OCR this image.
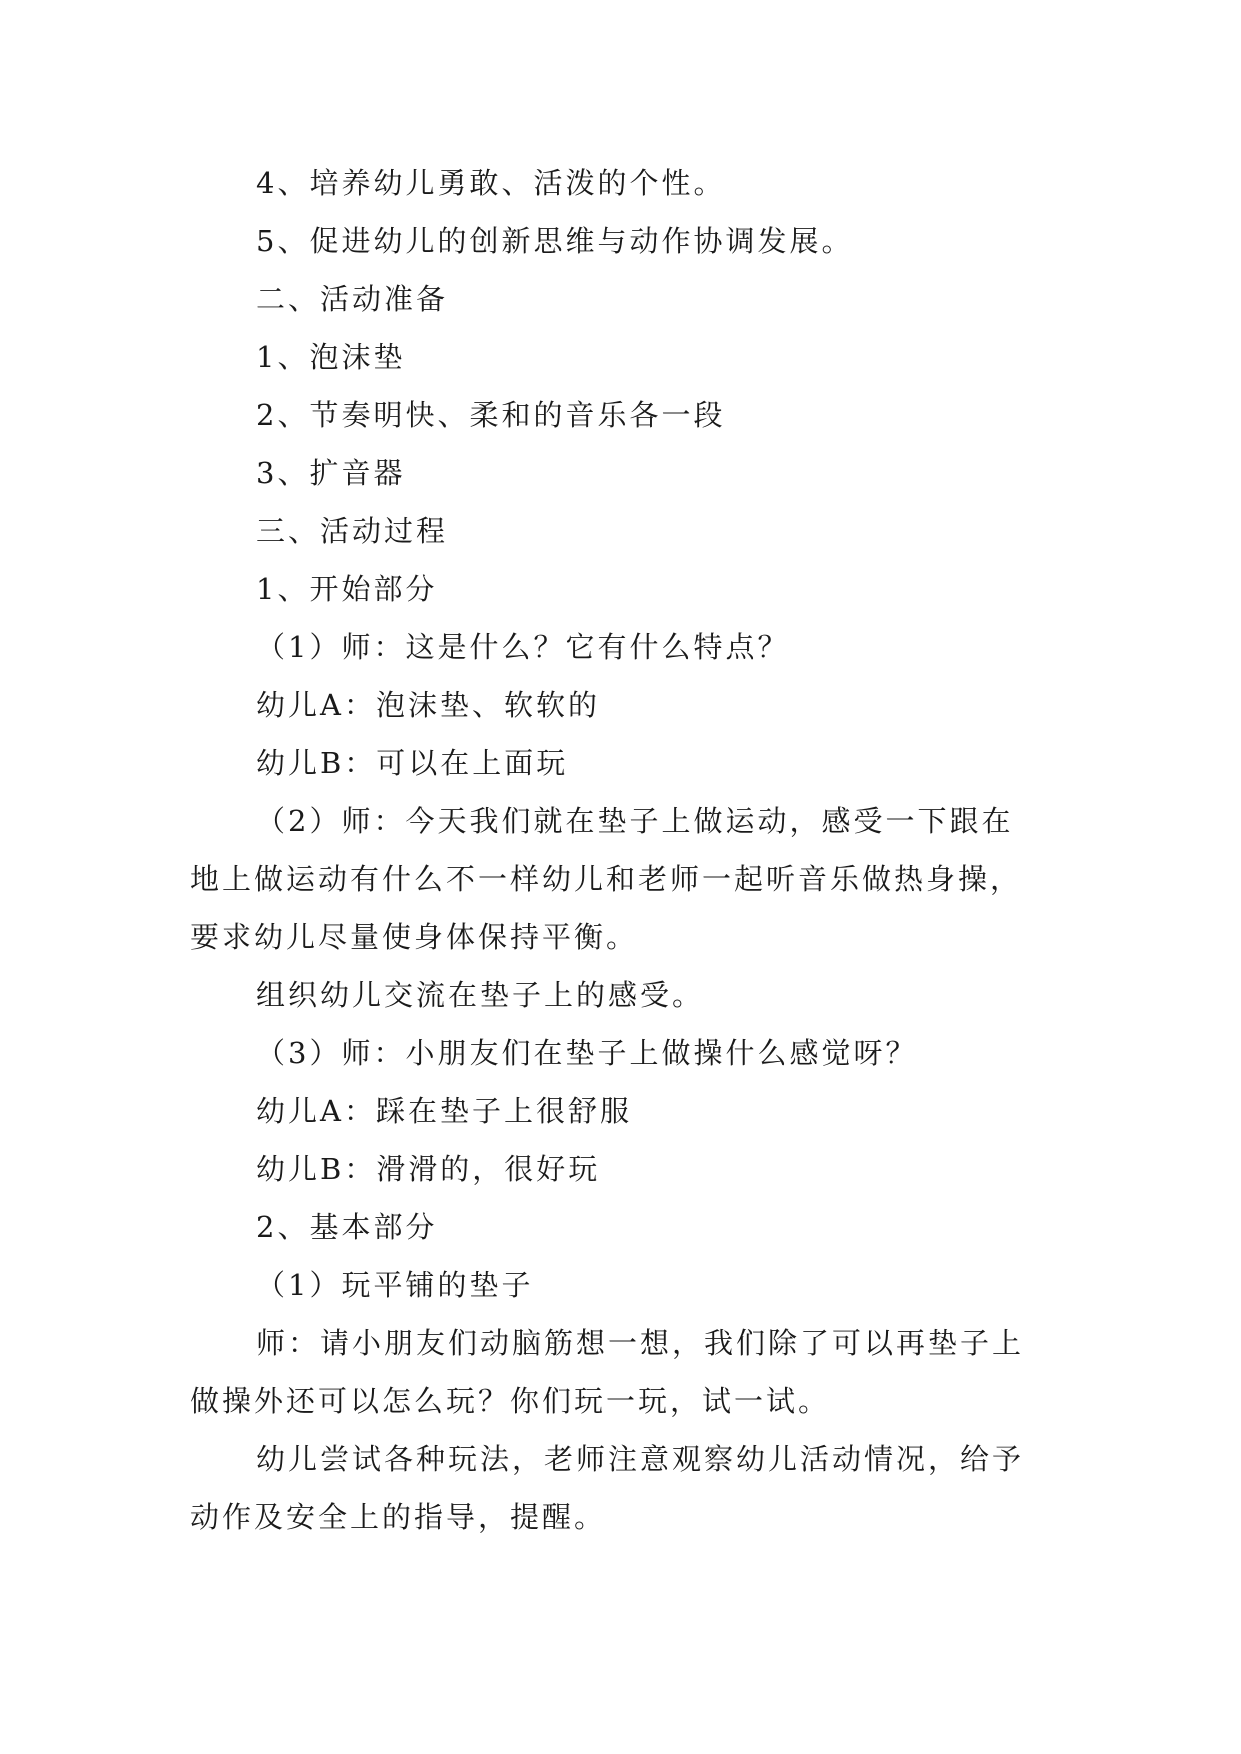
4、培养幼儿勇敢、活泼的个性。
5、促进幼儿的创新思维与动作协调发展。
二、活动准备
1、泡沫垫
2、节奏明快、柔和的音乐各一段
3、扩音器
三、活动过程
1、开始部分
（1）师：这是什么？它有什么特点？
幼儿A：泡沫垫、软软的
幼儿B：可以在上面玩
（2）师：今天我们就在垫子上做运动，感受一下跟在
地上做运动有什么不一样幼儿和老师一起听音乐做热身操，
要求幼儿尽量使身体保持平衡。
组织幼儿交流在垫子上的感受。
（3）师：小朋友们在垫子上做操什么感觉呀？
幼儿A：踩在垫子上很舒服
幼儿B：滑滑的，很好玩
2、基本部分
（1）玩平铺的垫子
师：请小朋友们动脑筋想一想，我们除了可以再垫子上
做操外还可以怎么玩？你们玩一玩，试一试。
幼儿尝试各种玩法，老师注意观察幼儿活动情况，给予
动作及安全上的指导，提醒。
